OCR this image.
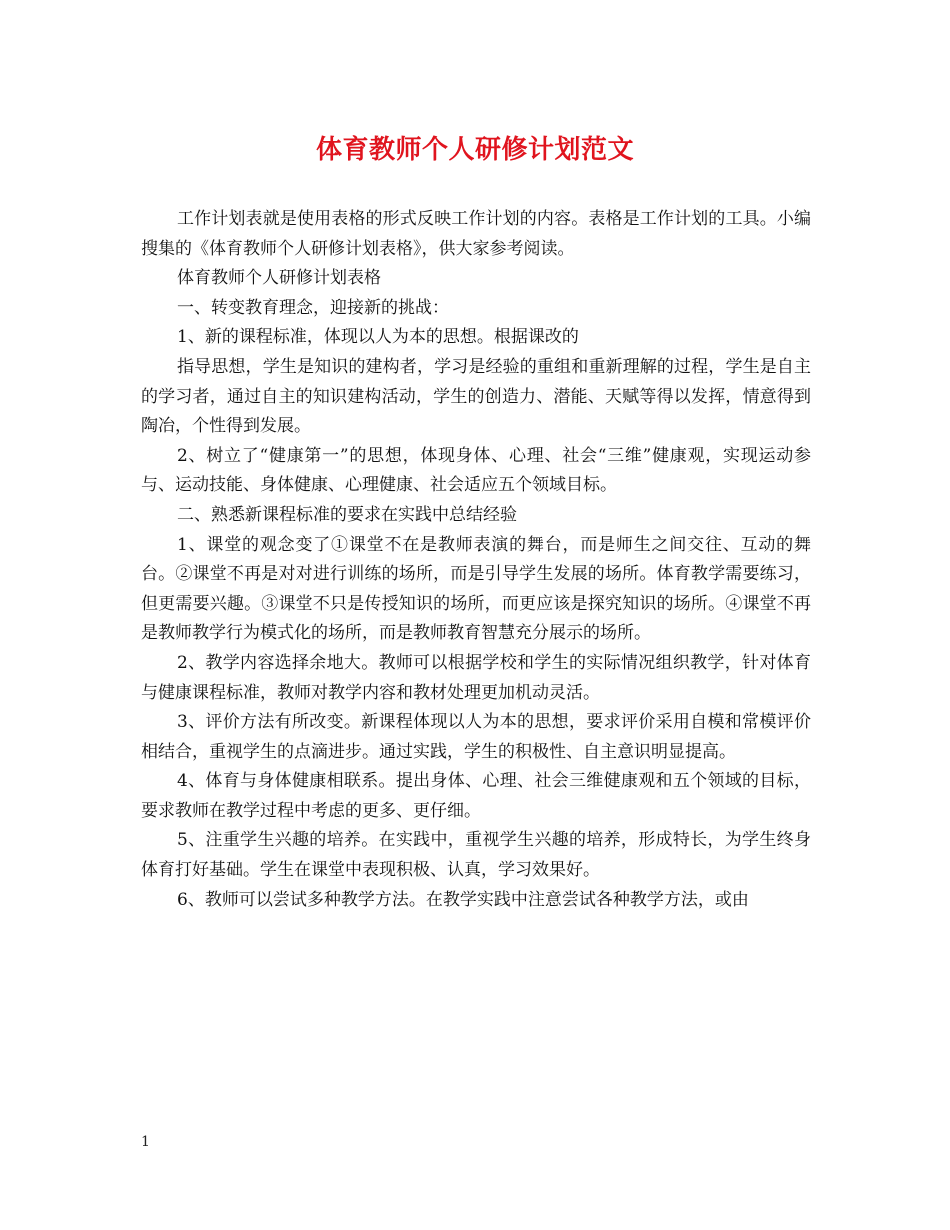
体育教师个人研修计划范文

工作计划表就是使用表格的形式反映工作计划的内容。表格是工作计划的工具。小编搜集的《体育教师个人研修计划表格》，供大家参考阅读。

体育教师个人研修计划表格

一、转变教育理念，迎接新的挑战：

1、新的课程标准，体现以人为本的思想。根据课改的

指导思想，学生是知识的建构者，学习是经验的重组和重新理解的过程，学生是自主的学习者，通过自主的知识建构活动，学生的创造力、潜能、天赋等得以发挥，情意得到陶冶，个性得到发展。

2、树立了“健康第一”的思想，体现身体、心理、社会“三维”健康观，实现运动参与、运动技能、身体健康、心理健康、社会适应五个领域目标。

二、熟悉新课程标准的要求在实践中总结经验

1、课堂的观念变了①课堂不在是教师表演的舞台，而是师生之间交往、互动的舞台。②课堂不再是对对进行训练的场所，而是引导学生发展的场所。体育教学需要练习，但更需要兴趣。③课堂不只是传授知识的场所，而更应该是探究知识的场所。④课堂不再是教师教学行为模式化的场所，而是教师教育智慧充分展示的场所。

2、教学内容选择余地大。教师可以根据学校和学生的实际情况组织教学，针对体育与健康课程标准，教师对教学内容和教材处理更加机动灵活。

3、评价方法有所改变。新课程体现以人为本的思想，要求评价采用自模和常模评价相结合，重视学生的点滴进步。通过实践，学生的积极性、自主意识明显提高。

4、体育与身体健康相联系。提出身体、心理、社会三维健康观和五个领域的目标，要求教师在教学过程中考虑的更多、更仔细。

5、注重学生兴趣的培养。在实践中，重视学生兴趣的培养，形成特长，为学生终身体育打好基础。学生在课堂中表现积极、认真，学习效果好。

6、教师可以尝试多种教学方法。在教学实践中注意尝试各种教学方法，或由

1
